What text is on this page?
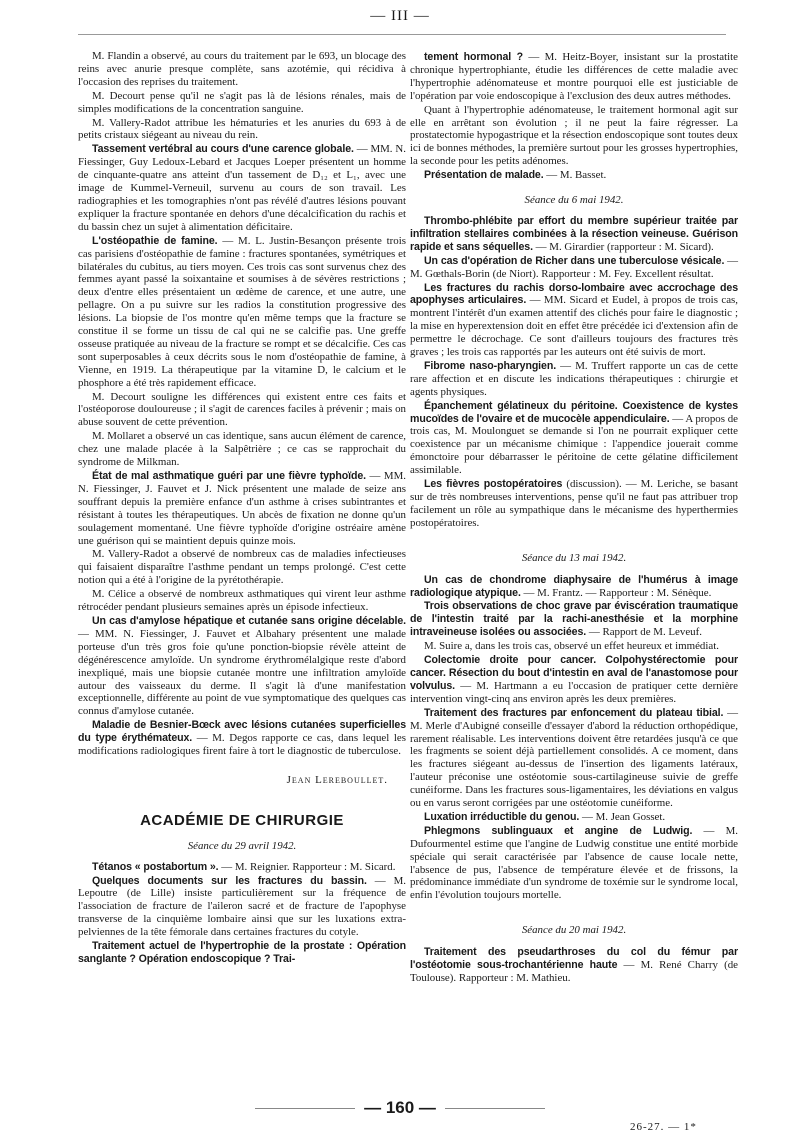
— III —

M. Flandin a observé, au cours du traitement par le 693, un blocage des reins avec anurie presque complète, sans azotémie, qui récidiva à l'occasion des reprises du traitement.

M. Decourt pense qu'il ne s'agit pas là de lésions rénales, mais de simples modifications de la concentration sanguine.

M. Vallery-Radot attribue les hématuries et les anuries du 693 à de petits cristaux siégeant au niveau du rein.

Tassement vertébral au cours d'une carence globale. — MM. N. Fiessinger, Guy Ledoux-Lebard et Jacques Loeper présentent un homme de cinquante-quatre ans atteint d'un tassement de D₁₂ et L₁, avec une image de Kummel-Verneuil, survenu au cours de son travail. Les radiographies et les tomographies n'ont pas révélé d'autres lésions pouvant expliquer la fracture spontanée en dehors d'une décalcification du rachis et du bassin chez un sujet à alimentation déficitaire.

L'ostéopathie de famine. — M. L. Justin-Besançon présente trois cas parisiens d'ostéopathie de famine : fractures spontanées, symétriques et bilatérales du cubitus, au tiers moyen. Ces trois cas sont survenus chez des femmes ayant passé la soixantaine et soumises à de sévères restrictions ; deux d'entre elles présentaient un œdème de carence, et une autre, une pellagre. On a pu suivre sur les radios la constitution progressive des lésions. La biopsie de l'os montre qu'en même temps que la fracture se constitue il se forme un tissu de cal qui ne se calcifie pas. Une greffe osseuse pratiquée au niveau de la fracture se rompt et se décalcifie. Ces cas sont superposables à ceux décrits sous le nom d'ostéopathie de famine, à Vienne, en 1919. La thérapeutique par la vitamine D, le calcium et le phosphore a été très rapidement efficace.

M. Decourt souligne les différences qui existent entre ces faits et l'ostéoporose douloureuse ; il s'agit de carences faciles à prévenir ; mais on abuse souvent de cette prévention.

M. Mollaret a observé un cas identique, sans aucun élément de carence, chez une malade placée à la Salpêtrière ; ce cas se rapprochait du syndrome de Milkman.

État de mal asthmatique guéri par une fièvre typhoïde. — MM. N. Fiessinger, J. Fauvet et J. Nick présentent une malade de seize ans souffrant depuis la première enfance d'un asthme à crises subintrantes et résistant à toutes les thérapeutiques. Un abcès de fixation ne donne qu'un soulagement momentané. Une fièvre typhoïde d'origine ostréaire amène une guérison qui se maintient depuis quinze mois.

M. Vallery-Radot a observé de nombreux cas de maladies infectieuses qui faisaient disparaître l'asthme pendant un temps prolongé. C'est cette notion qui a été à l'origine de la pyrétothérapie.

M. Célice a observé de nombreux asthmatiques qui virent leur asthme rétrocéder pendant plusieurs semaines après un épisode infectieux.

Un cas d'amylose hépatique et cutanée sans origine décelable. — MM. N. Fiessinger, J. Fauvet et Albahary présentent une malade porteuse d'un très gros foie qu'une ponction-biopsie révèle atteint de dégénérescence amyloïde. Un syndrome érythromélalgique reste d'abord inexpliqué, mais une biopsie cutanée montre une infiltration amyloïde autour des vaisseaux du derme. Il s'agit là d'une manifestation exceptionnelle, différente au point de vue symptomatique des quelques cas connus d'amylose cutanée.

Maladie de Besnier-Bœck avec lésions cutanées superficielles du type érythémateux. — M. Degos rapporte ce cas, dans lequel les modifications radiologiques firent faire à tort le diagnostic de tuberculose.

Jean Lereboullet.

ACADÉMIE DE CHIRURGIE

Séance du 29 avril 1942.

Tétanos « postabortum ». — M. Reignier. Rapporteur : M. Sicard.

Quelques documents sur les fractures du bassin. — M. Lepoutre (de Lille) insiste particulièrement sur la fréquence de l'association de fracture de l'aileron sacré et de fracture de l'apophyse transverse de la cinquième lombaire ainsi que sur les luxations extra-pelviennes de la tête fémorale dans certaines fractures du cotyle.

Traitement actuel de l'hypertrophie de la prostate : Opération sanglante ? Opération endoscopique ? Trai-

tement hormonal ? — M. Heitz-Boyer, insistant sur la prostatite chronique hypertrophiante, étudie les différences de cette maladie avec l'hypertrophie adénomateuse et montre pourquoi elle est justiciable de l'opération par voie endoscopique à l'exclusion des deux autres méthodes.

Quant à l'hypertrophie adénomateuse, le traitement hormonal agit sur elle en arrêtant son évolution ; il ne peut la faire régresser. La prostatectomie hypogastrique et la résection endoscopique sont toutes deux ici de bonnes méthodes, la première surtout pour les grosses hypertrophies, la seconde pour les petits adénomes.

Présentation de malade. — M. Basset.

Séance du 6 mai 1942.

Thrombo-phlébite par effort du membre supérieur traitée par infiltration stellaires combinées à la résection veineuse. Guérison rapide et sans séquelles. — M. Girardier (rapporteur : M. Sicard).

Un cas d'opération de Richer dans une tuberculose vésicale. — M. Gœthals-Borin (de Niort). Rapporteur : M. Fey. Excellent résultat.

Les fractures du rachis dorso-lombaire avec accrochage des apophyses articulaires. — MM. Sicard et Eudel, à propos de trois cas, montrent l'intérêt d'un examen attentif des clichés pour faire le diagnostic ; la mise en hyperextension doit en effet être précédée ici d'extension afin de permettre le décrochage. Ce sont d'ailleurs toujours des fractures très graves ; les trois cas rapportés par les auteurs ont été suivis de mort.

Fibrome naso-pharyngien. — M. Truffert rapporte un cas de cette rare affection et en discute les indications thérapeutiques : chirurgie et agents physiques.

Épanchement gélatineux du péritoine. Coexistence de kystes mucoïdes de l'ovaire et de mucocèle appendiculaire. — A propos de trois cas, M. Moulonguet se demande si l'on ne pourrait expliquer cette coexistence par un mécanisme chimique : l'appendice jouerait comme émonctoire pour débarrasser le péritoine de cette gélatine difficilement assimilable.

Les fièvres postopératoires (discussion). — M. Leriche, se basant sur de très nombreuses interventions, pense qu'il ne faut pas attribuer trop facilement un rôle au sympathique dans le mécanisme des hyperthermies postopératoires.

Séance du 13 mai 1942.

Un cas de chondrome diaphysaire de l'humérus à image radiologique atypique. — M. Frantz. — Rapporteur : M. Sénèque.

Trois observations de choc grave par éviscération traumatique de l'intestin traité par la rachi-anesthésie et la morphine intraveineuse isolées ou associées. — Rapport de M. Leveuf.

M. Suire a, dans les trois cas, observé un effet heureux et immédiat.

Colectomie droite pour cancer. Colpohystérectomie pour cancer. Résection du bout d'intestin en aval de l'anastomose pour volvulus. — M. Hartmann a eu l'occasion de pratiquer cette dernière intervention vingt-cinq ans environ après les deux premières.

Traitement des fractures par enfoncement du plateau tibial. — M. Merle d'Aubigné conseille d'essayer d'abord la réduction orthopédique, rarement réalisable. Les interventions doivent être retardées jusqu'à ce que les fragments se soient déjà partiellement consolidés. A ce moment, dans les fractures siégeant au-dessus de l'insertion des ligaments latéraux, l'auteur préconise une ostéotomie sous-cartilagineuse suivie de greffe cunéiforme. Dans les fractures sous-ligamentaires, les déviations en valgus ou en varus seront corrigées par une ostéotomie cunéiforme.

Luxation irréductible du genou. — M. Jean Gosset.

Phlegmons sublinguaux et angine de Ludwig. — M. Dufourmentel estime que l'angine de Ludwig constitue une entité morbide spéciale qui serait caractérisée par l'absence de cause locale nette, l'absence de pus, l'absence de température élevée et de frissons, la prédominance immédiate d'un syndrome de toxémie sur le syndrome local, enfin l'évolution toujours mortelle.

Séance du 20 mai 1942.

Traitement des pseudarthroses du col du fémur par l'ostéotomie sous-trochantérienne haute — M. René Charry (de Toulouse). Rapporteur : M. Mathieu.

— 160 —
26-27. — 1*
